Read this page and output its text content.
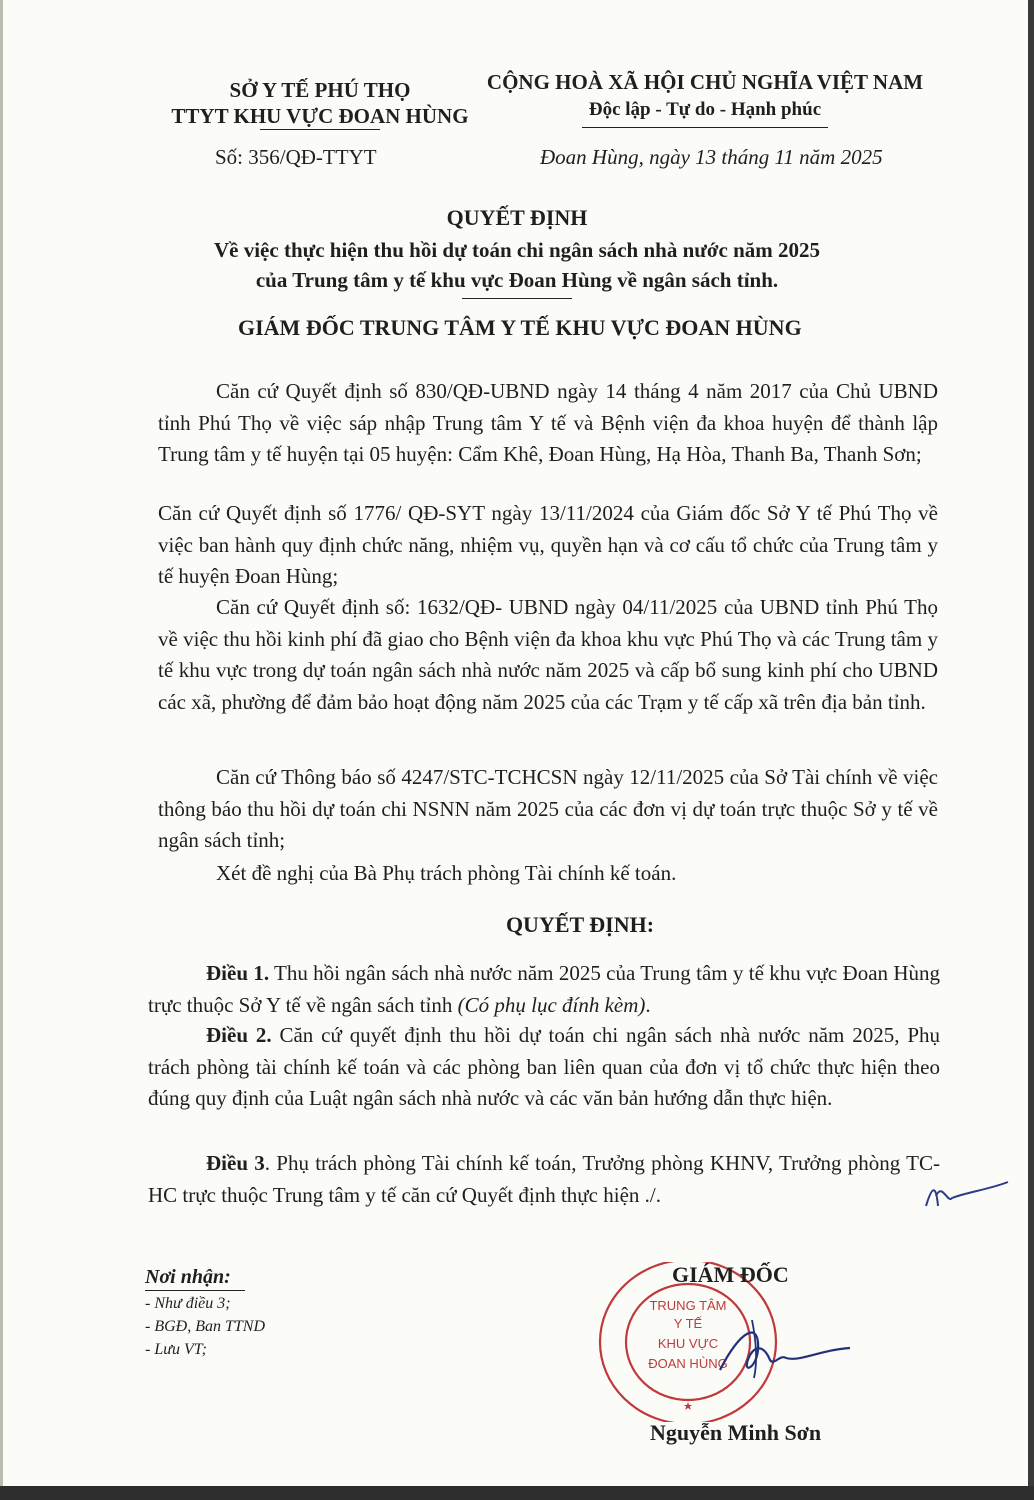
SỞ Y TẾ PHÚ THỌ
TTYT KHU VỰC ĐOAN HÙNG
CỘNG HOÀ XÃ HỘI CHỦ NGHĨA VIỆT NAM
Độc lập - Tự do - Hạnh phúc
Số: 356/QĐ-TTYT	Đoan Hùng, ngày 13 tháng 11 năm 2025
QUYẾT ĐỊNH
Về việc thực hiện thu hồi dự toán chi ngân sách nhà nước năm 2025
của Trung tâm y tế khu vực Đoan Hùng về ngân sách tỉnh.
GIÁM ĐỐC TRUNG TÂM Y TẾ KHU VỰC ĐOAN HÙNG
Căn cứ Quyết định số 830/QĐ-UBND ngày 14 tháng 4 năm 2017 của Chủ UBND tỉnh Phú Thọ về việc sáp nhập Trung tâm Y tế và Bệnh viện đa khoa huyện để thành lập Trung tâm y tế huyện tại 05 huyện: Cẩm Khê, Đoan Hùng, Hạ Hòa, Thanh Ba, Thanh Sơn;
Căn cứ Quyết định số 1776/ QĐ-SYT ngày 13/11/2024 của Giám đốc Sở Y tế Phú Thọ về việc ban hành quy định chức năng, nhiệm vụ, quyền hạn và cơ cấu tổ chức của Trung tâm y tế huyện Đoan Hùng;
Căn cứ Quyết định số: 1632/QĐ- UBND ngày 04/11/2025 của UBND tỉnh Phú Thọ về việc thu hồi kinh phí đã giao cho Bệnh viện đa khoa khu vực Phú Thọ và các Trung tâm y tế khu vực trong dự toán ngân sách nhà nước năm 2025 và cấp bổ sung kinh phí cho UBND các xã, phường để đảm bảo hoạt động năm 2025 của các Trạm y tế cấp xã trên địa bản tỉnh.
Căn cứ Thông báo số 4247/STC-TCHCSN ngày 12/11/2025 của Sở Tài chính về việc thông báo thu hồi dự toán chi NSNN năm 2025 của các đơn vị dự toán trực thuộc Sở y tế về ngân sách tỉnh;
Xét đề nghị của Bà Phụ trách phòng Tài chính kế toán.
QUYẾT ĐỊNH:
Điều 1. Thu hồi ngân sách nhà nước năm 2025 của Trung tâm y tế khu vực Đoan Hùng trực thuộc Sở Y tế về ngân sách tỉnh (Có phụ lục đính kèm).
Điều 2. Căn cứ quyết định thu hồi dự toán chi ngân sách nhà nước năm 2025, Phụ trách phòng tài chính kế toán và các phòng ban liên quan của đơn vị tổ chức thực hiện theo đúng quy định của Luật ngân sách nhà nước và các văn bản hướng dẫn thực hiện.
Điều 3. Phụ trách phòng Tài chính kế toán, Trưởng phòng KHNV, Trưởng phòng TC-HC trực thuộc Trung tâm y tế căn cứ Quyết định thực hiện ./.
Nơi nhận:
- Như điều 3;
- BGĐ, Ban TTND
- Lưu VT;
TRUNG TÂM
Y TẾ
KHU VỰC
ĐOAN HÙNG
GIÁM ĐỐC
Nguyễn Minh Sơn
